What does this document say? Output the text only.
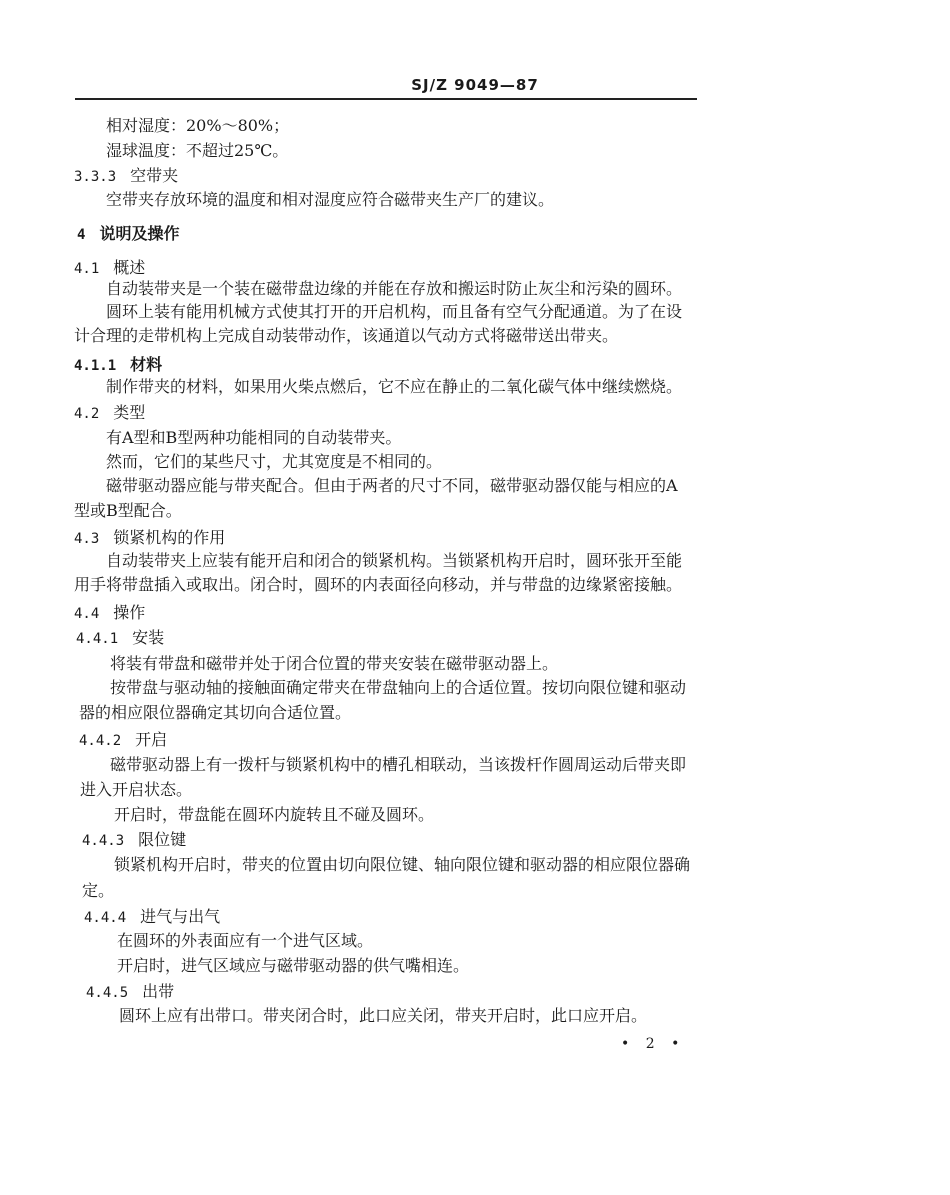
SJ/Z 9049—87
相对湿度：20%～80%；
湿球温度：不超过25℃。
3.3.3 空带夹
空带夹存放环境的温度和相对湿度应符合磁带夹生产厂的建议。
4 说明及操作
4.1 概述
自动装带夹是一个装在磁带盘边缘的并能在存放和搬运时防止灰尘和污染的圆环。
圆环上装有能用机械方式使其打开的开启机构，而且备有空气分配通道。为了在设
计合理的走带机构上完成自动装带动作，该通道以气动方式将磁带送出带夹。
4.1.1 材料
制作带夹的材料，如果用火柴点燃后，它不应在静止的二氧化碳气体中继续燃烧。
4.2 类型
有A型和B型两种功能相同的自动装带夹。
然而，它们的某些尺寸，尤其宽度是不相同的。
磁带驱动器应能与带夹配合。但由于两者的尺寸不同，磁带驱动器仅能与相应的A
型或B型配合。
4.3 锁紧机构的作用
自动装带夹上应装有能开启和闭合的锁紧机构。当锁紧机构开启时，圆环张开至能
用手将带盘插入或取出。闭合时，圆环的内表面径向移动，并与带盘的边缘紧密接触。
4.4 操作
4.4.1 安装
将装有带盘和磁带并处于闭合位置的带夹安装在磁带驱动器上。
按带盘与驱动轴的接触面确定带夹在带盘轴向上的合适位置。按切向限位键和驱动
器的相应限位器确定其切向合适位置。
4.4.2 开启
磁带驱动器上有一拨杆与锁紧机构中的槽孔相联动，当该拨杆作圆周运动后带夹即
进入开启状态。
开启时，带盘能在圆环内旋转且不碰及圆环。
4.4.3 限位键
锁紧机构开启时，带夹的位置由切向限位键、轴向限位键和驱动器的相应限位器确
定。
4.4.4 进气与出气
在圆环的外表面应有一个进气区域。
开启时，进气区域应与磁带驱动器的供气嘴相连。
4.4.5 出带
圆环上应有出带口。带夹闭合时，此口应关闭，带夹开启时，此口应开启。
• 2 •
